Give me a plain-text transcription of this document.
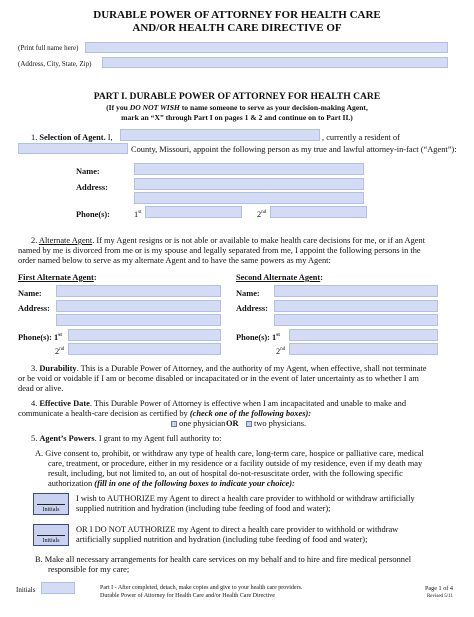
DURABLE POWER OF ATTORNEY FOR HEALTH CARE
AND/OR HEALTH CARE DIRECTIVE OF
(Print full name here)
(Address, City, State, Zip)
PART I. DURABLE POWER OF ATTORNEY FOR HEALTH CARE
(If you DO NOT WISH to name someone to serve as your decision-making Agent,
mark an “X” through Part I on pages 1 & 2 and continue on to Part II.)
1. Selection of Agent. I,	, currently a resident of
County, Missouri, appoint the following person as my true and lawful attorney-in-fact (“Agent”):
Name:
Address:
Phone(s):	1st	2nd
2. Alternate Agent. If my Agent resigns or is not able or available to make health care decisions for me, or if an Agent
named by me is divorced from me or is my spouse and legally separated from me, I appoint the following persons in the
order named below to serve as my alternate Agent and to have the same powers as my Agent:
First Alternate Agent:	Second Alternate Agent:
Name:	Name:
Address:	Address:
Phone(s): 1st	Phone(s): 1st
2nd	2nd
3. Durability. This is a Durable Power of Attorney, and the authority of my Agent, when effective, shall not terminate
or be void or voidable if I am or become disabled or incapacitated or in the event of later uncertainty as to whether I am
dead or alive.
4. Effective Date. This Durable Power of Attorney is effective when I am incapacitated and unable to make and
communicate a health-care decision as certified by (check one of the following boxes):
one physician OR two physicians.
5. Agent’s Powers. I grant to my Agent full authority to:
A. Give consent to, prohibit, or withdraw any type of health care, long-term care, hospice or palliative care, medical
care, treatment, or procedure, either in my residence or a facility outside of my residence, even if my death may
result, including, but not limited to, an out of hospital do-not-resuscitate order, with the following specific
authorization (fill in one of the following boxes to indicate your choice):
Initials
I wish to AUTHORIZE my Agent to direct a health care provider to withhold or withdraw artificially
supplied nutrition and hydration (including tube feeding of food and water);
Initials
OR I DO NOT AUTHORIZE my Agent to direct a health care provider to withhold or withdraw
artificially supplied nutrition and hydration (including tube feeding of food and water);
B. Make all necessary arrangements for health care services on my behalf and to hire and fire medical personnel
responsible for my care;
Initials	Part I - After completed, detach, make copies and give to your health care providers.
Durable Power of Attorney for Health Care and/or Health Care Directive
Page 1 of 4
Revised 5/11
